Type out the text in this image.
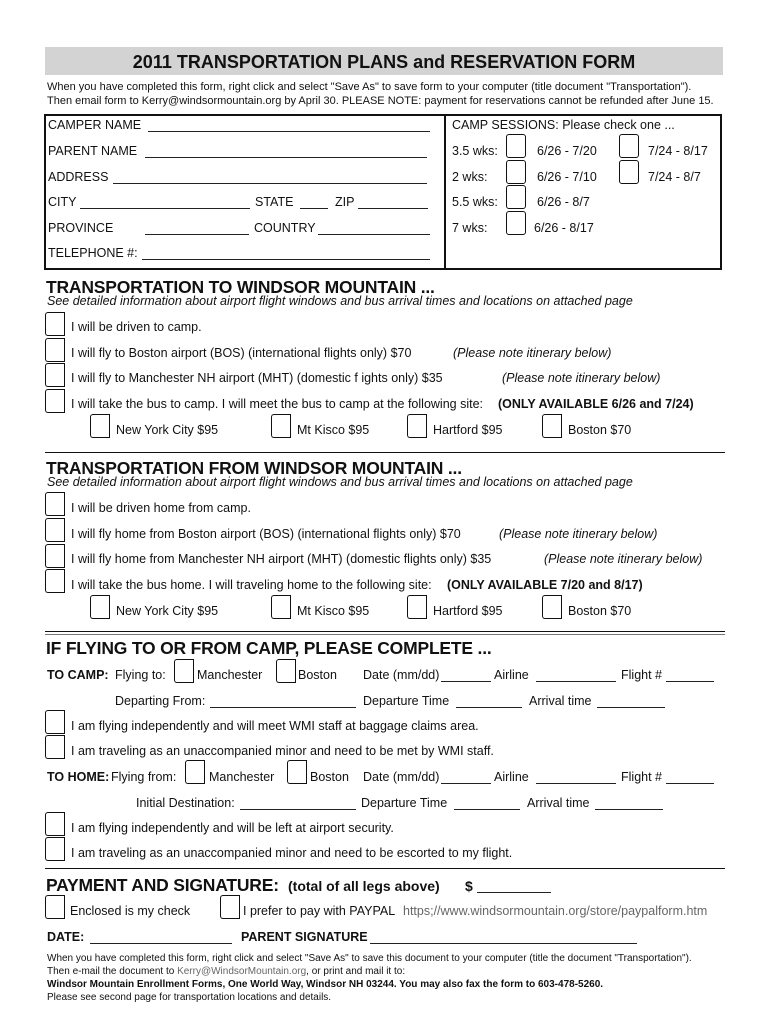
2011 TRANSPORTATION PLANS and RESERVATION FORM
When you have completed this form, right click and select "Save As" to save form to your computer (title document "Transportation").
Then email form to Kerry@windsormountain.org by April 30. PLEASE NOTE: payment for reservations cannot be refunded after June 15.
CAMPER NAME
PARENT NAME
ADDRESS
CITY	STATE	ZIP
PROVINCE	COUNTRY
TELEPHONE #:
CAMP SESSIONS: Please check one ...
3.5 wks:	6/26 - 7/20	7/24 - 8/17
2 wks:	6/26 - 7/10	7/24 - 8/7
5.5 wks:	6/26 - 8/7
7 wks:	6/26 - 8/17
TRANSPORTATION TO WINDSOR MOUNTAIN ...
See detailed information about airport flight windows and bus arrival times and locations on attached page
I will be driven to camp.
I will fly to Boston airport (BOS) (international flights only) $70	(Please note itinerary below)
I will fly to Manchester NH airport (MHT) (domestic f ights only) $35	(Please note itinerary below)
I will take the bus to camp. I will meet the bus to camp at the following site: (ONLY AVAILABLE 6/26 and 7/24)
New York City $95	Mt Kisco $95	Hartford $95	Boston $70
TRANSPORTATION FROM WINDSOR MOUNTAIN ...
See detailed information about airport flight windows and bus arrival times and locations on attached page
I will be driven home from camp.
I will fly home from Boston airport (BOS) (international flights only) $70	(Please note itinerary below)
I will fly home from Manchester NH airport (MHT) (domestic flights only) $35	(Please note itinerary below)
I will take the bus home. I will traveling home to the following site: (ONLY AVAILABLE 7/20 and 8/17)
New York City $95	Mt Kisco $95	Hartford $95	Boston $70
IF FLYING TO OR FROM CAMP, PLEASE COMPLETE ...
TO CAMP: Flying to:	Manchester	Boston Date (mm/dd)	Airline	Flight #
Departing From:	Departure Time	Arrival time
I am flying independently and will meet WMI staff at baggage claims area.
I am traveling as an unaccompanied minor and need to be met by WMI staff.
TO HOME: Flying from:	Manchester	Boston Date (mm/dd)	Airline	Flight #
Initial Destination:	Departure Time	Arrival time
I am flying independently and will be left at airport security.
I am traveling as an unaccompanied minor and need to be escorted to my flight.
PAYMENT AND SIGNATURE: (total of all legs above) $
Enclosed is my check	I prefer to pay with PAYPAL https;//www.windsormountain.org/store/paypalform.htm
DATE:	PARENT SIGNATURE
When you have completed this form, right click and select "Save As" to save this document to your computer (title the document "Transportation").
Then e-mail the document to Kerry@WindsorMountain.org, or print and mail it to:
Windsor Mountain Enrollment Forms, One World Way, Windsor NH 03244. You may also fax the form to 603-478-5260.
Please see second page for transportation locations and details.
